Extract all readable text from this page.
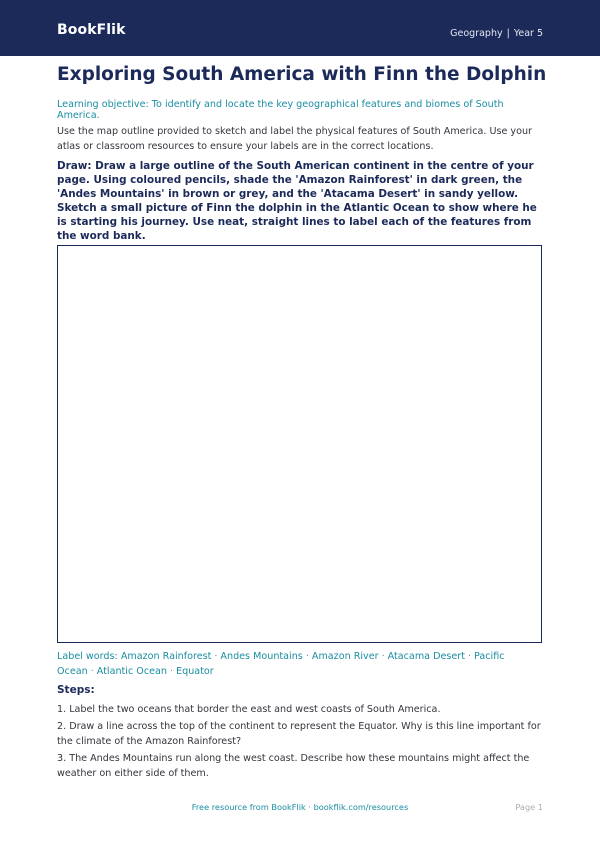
BookFlik	Geography | Year 5
Exploring South America with Finn the Dolphin
Learning objective: To identify and locate the key geographical features and biomes of South America.
Use the map outline provided to sketch and label the physical features of South America. Use your atlas or classroom resources to ensure your labels are in the correct locations.
Draw: Draw a large outline of the South American continent in the centre of your page. Using coloured pencils, shade the 'Amazon Rainforest' in dark green, the 'Andes Mountains' in brown or grey, and the 'Atacama Desert' in sandy yellow. Sketch a small picture of Finn the dolphin in the Atlantic Ocean to show where he is starting his journey. Use neat, straight lines to label each of the features from the word bank.
Label words: Amazon Rainforest · Andes Mountains · Amazon River · Atacama Desert · Pacific Ocean · Atlantic Ocean · Equator
Steps:
1. Label the two oceans that border the east and west coasts of South America.
2. Draw a line across the top of the continent to represent the Equator. Why is this line important for the climate of the Amazon Rainforest?
3. The Andes Mountains run along the west coast. Describe how these mountains might affect the weather on either side of them.
Free resource from BookFlik · bookflik.com/resources	Page 1
